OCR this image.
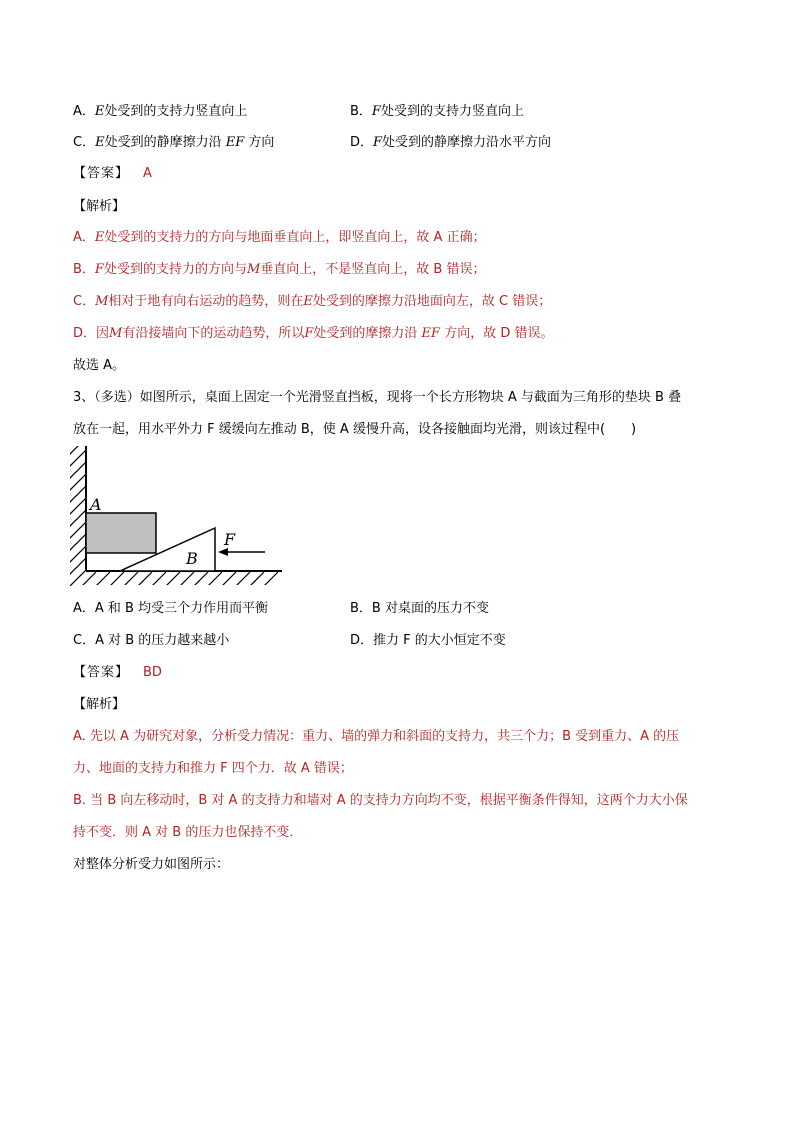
A．E处受到的支持力竖直向上	B．F处受到的支持力竖直向上
C．E处受到的静摩擦力沿 EF 方向	D．F处受到的静摩擦力沿水平方向
【答案】 A
【解析】
A．E处受到的支持力的方向与地面垂直向上，即竖直向上，故 A 正确；
B．F处受到的支持力的方向与M垂直向上，不是竖直向上，故 B 错误；
C．M相对于地有向右运动的趋势，则在E处受到的摩擦力沿地面向左，故 C 错误；
D．因M有沿接墙向下的运动趋势，所以F处受到的摩擦力沿 EF 方向，故 D 错误。
故选 A。
3、（多选）如图所示，桌面上固定一个光滑竖直挡板，现将一个长方形物块 A 与截面为三角形的垫块 B 叠
放在一起，用水平外力 F 缓缓向左推动 B，使 A 缓慢升高，设各接触面均光滑，则该过程中(　　)
A
B
F
A．A 和 B 均受三个力作用而平衡	B．B 对桌面的压力不变
C．A 对 B 的压力越来越小	D．推力 F 的大小恒定不变
【答案】 BD
【解析】
A. 先以 A 为研究对象，分析受力情况：重力、墙的弹力和斜面的支持力，共三个力；B 受到重力、A 的压
力、地面的支持力和推力 F 四个力．故 A 错误；
B. 当 B 向左移动时，B 对 A 的支持力和墙对 A 的支持力方向均不变，根据平衡条件得知，这两个力大小保
持不变．则 A 对 B 的压力也保持不变．
对整体分析受力如图所示：
